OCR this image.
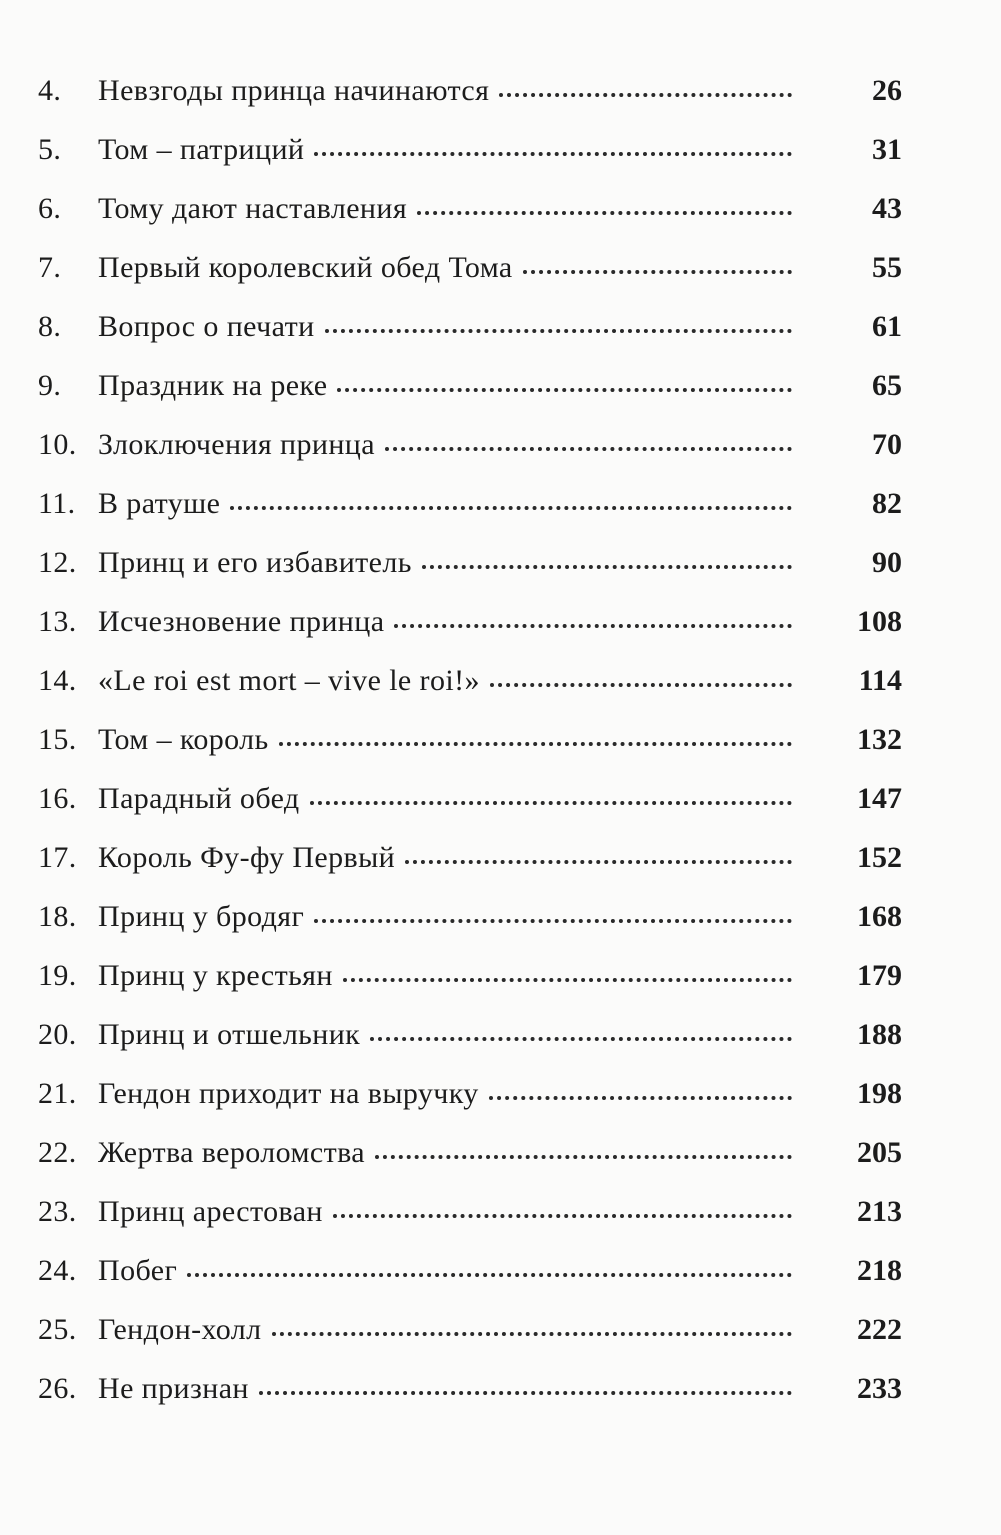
4.	Невзгоды принца начинаются	26
5.	Том – патриций	31
6.	Тому дают наставления	43
7.	Первый королевский обед Тома	55
8.	Вопрос о печати	61
9.	Праздник на реке	65
10. Злоключения принца	70
11. В ратуше	82
12. Принц и его избавитель	90
13. Исчезновение принца	108
14. «Le roi est mort – vive le roi!»	114
15. Том – король	132
16. Парадный обед	147
17. Король Фу-фу Первый	152
18. Принц у бродяг	168
19. Принц у крестьян	179
20. Принц и отшельник	188
21. Гендон приходит на выручку	198
22. Жертва вероломства	205
23. Принц арестован	213
24. Побег	218
25. Гендон-холл	222
26. Не признан	233
